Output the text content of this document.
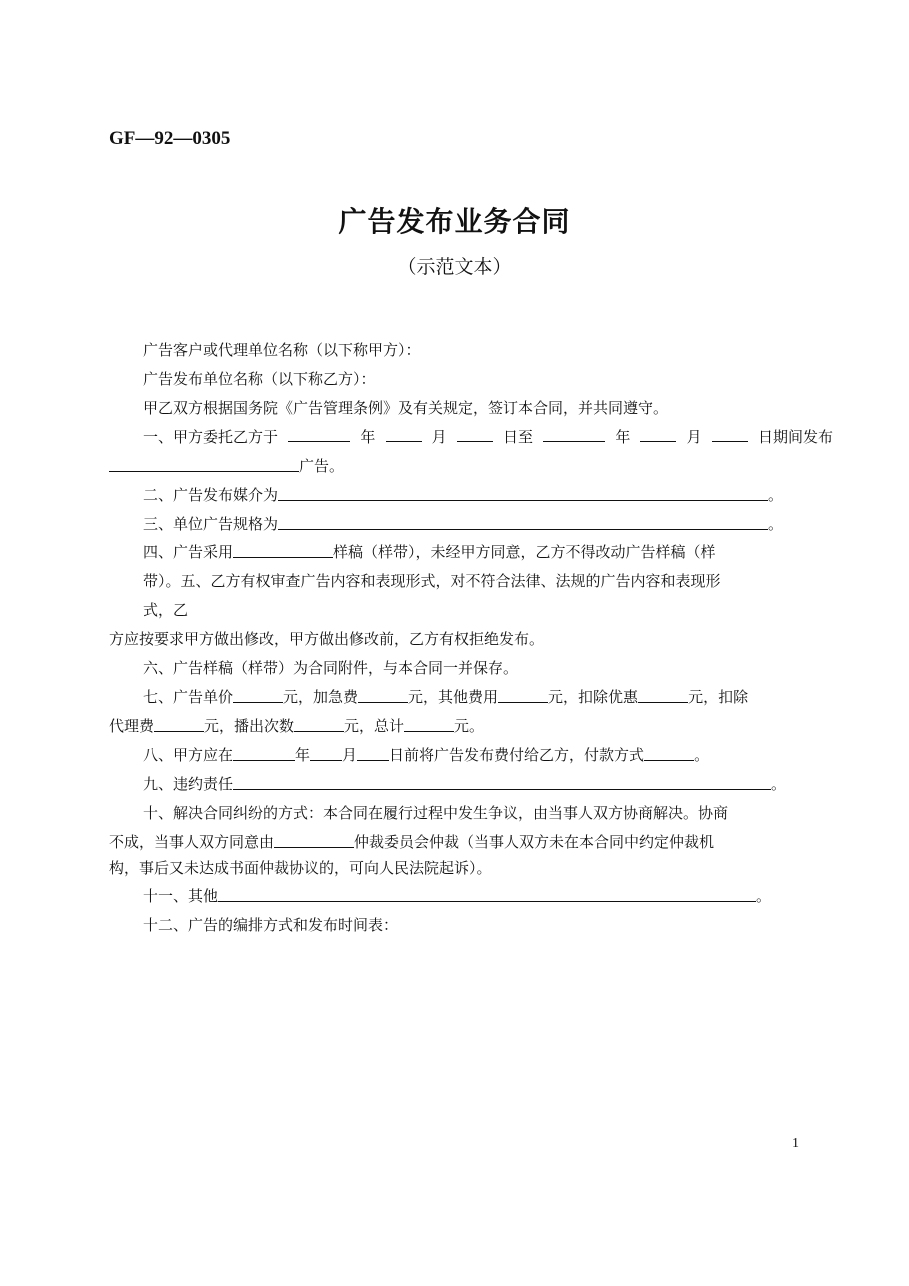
GF—92—0305
广告发布业务合同
（示范文本）
广告客户或代理单位名称（以下称甲方）：
广告发布单位名称（以下称乙方）：
甲乙双方根据国务院《广告管理条例》及有关规定，签订本合同，并共同遵守。
一、甲方委托乙方于	年	月	日至	年	月	日期间发布
广告。
二、广告发布媒介为	。
三、单位广告规格为	。
四、广告采用	样稿（样带），未经甲方同意，乙方不得改动广告样稿（样
带）。五、乙方有权审查广告内容和表现形式，对不符合法律、法规的广告内容和表现形
式，乙
方应按要求甲方做出修改，甲方做出修改前，乙方有权拒绝发布。
六、广告样稿（样带）为合同附件，与本合同一并保存。
七、广告单价	元，加急费	元，其他费用	元，扣除优惠	元，扣除
代理费	元，播出次数	元，总计	元。
八、甲方应在	年 月 日前将广告发布费付给乙方，付款方式	。
九、违约责任	。
十、解决合同纠纷的方式：本合同在履行过程中发生争议，由当事人双方协商解决。协商
不成，当事人双方同意由	仲裁委员会仲裁（当事人双方未在本合同中约定仲裁机
构，事后又未达成书面仲裁协议的，可向人民法院起诉）。
十一、其他	。
十二、广告的编排方式和发布时间表：
1
